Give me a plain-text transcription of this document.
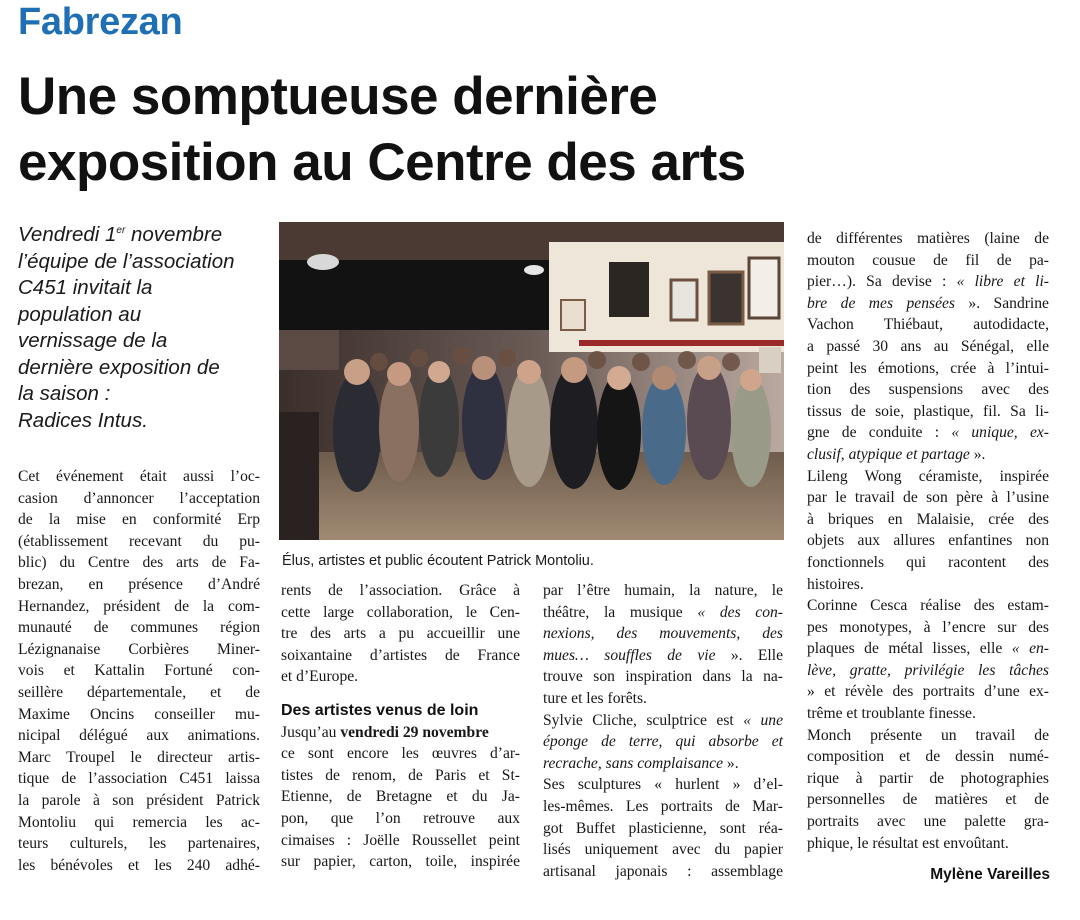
Fabrezan
Une somptueuse dernière
exposition au Centre des arts

Vendredi 1er novembre
l’équipe de l’association
C451 invitait la
population au
vernissage de la
dernière exposition de
la saison :
Radices Intus.

Élus, artistes et public écoutent Patrick Montoliu.

Cet événement était aussi l’oc-
casion d’annoncer l’acceptation
de la mise en conformité Erp
(établissement recevant du pu-
blic) du Centre des arts de Fa-
brezan, en présence d’André
Hernandez, président de la com-
munauté de communes région
Lézignanaise Corbières Miner-
vois et Kattalin Fortuné con-
seillère départementale, et de
Maxime Oncins conseiller mu-
nicipal délégué aux animations.
Marc Troupel le directeur artis-
tique de l’association C451 laissa
la parole à son président Patrick
Montoliu qui remercia les ac-
teurs culturels, les partenaires,
les bénévoles et les 240 adhé-
rents de l’association. Grâce à
cette large collaboration, le Cen-
tre des arts a pu accueillir une
soixantaine d’artistes de France
et d’Europe.
Des artistes venus de loin
Jusqu’au vendredi 29 novembre
ce sont encore les œuvres d’ar-
tistes de renom, de Paris et St-
Etienne, de Bretagne et du Ja-
pon, que l’on retrouve aux
cimaises : Joëlle Roussellet peint
sur papier, carton, toile, inspirée
par l’être humain, la nature, le
théâtre, la musique « des con-
nexions, des mouvements, des
mues… souffles de vie ». Elle
trouve son inspiration dans la na-
ture et les forêts.
Sylvie Cliche, sculptrice est « une
éponge de terre, qui absorbe et
recrache, sans complaisance ».
Ses sculptures « hurlent » d’el-
les-mêmes. Les portraits de Mar-
got Buffet plasticienne, sont réa-
lisés uniquement avec du papier
artisanal japonais : assemblage
de différentes matières (laine de
mouton cousue de fil de pa-
pier…). Sa devise : « libre et li-
bre de mes pensées ». Sandrine
Vachon Thiébaut, autodidacte,
a passé 30 ans au Sénégal, elle
peint les émotions, crée à l’intui-
tion des suspensions avec des
tissus de soie, plastique, fil. Sa li-
gne de conduite : « unique, ex-
clusif, atypique et partage ».
Lileng Wong céramiste, inspirée
par le travail de son père à l’usine
à briques en Malaisie, crée des
objets aux allures enfantines non
fonctionnels qui racontent des
histoires.
Corinne Cesca réalise des estam-
pes monotypes, à l’encre sur des
plaques de métal lisses, elle « en-
lève, gratte, privilégie les tâches
» et révèle des portraits d’une ex-
trême et troublante finesse.
Monch présente un travail de
composition et de dessin numé-
rique à partir de photographies
personnelles de matières et de
portraits avec une palette gra-
phique, le résultat est envoûtant.

Mylène Vareilles
